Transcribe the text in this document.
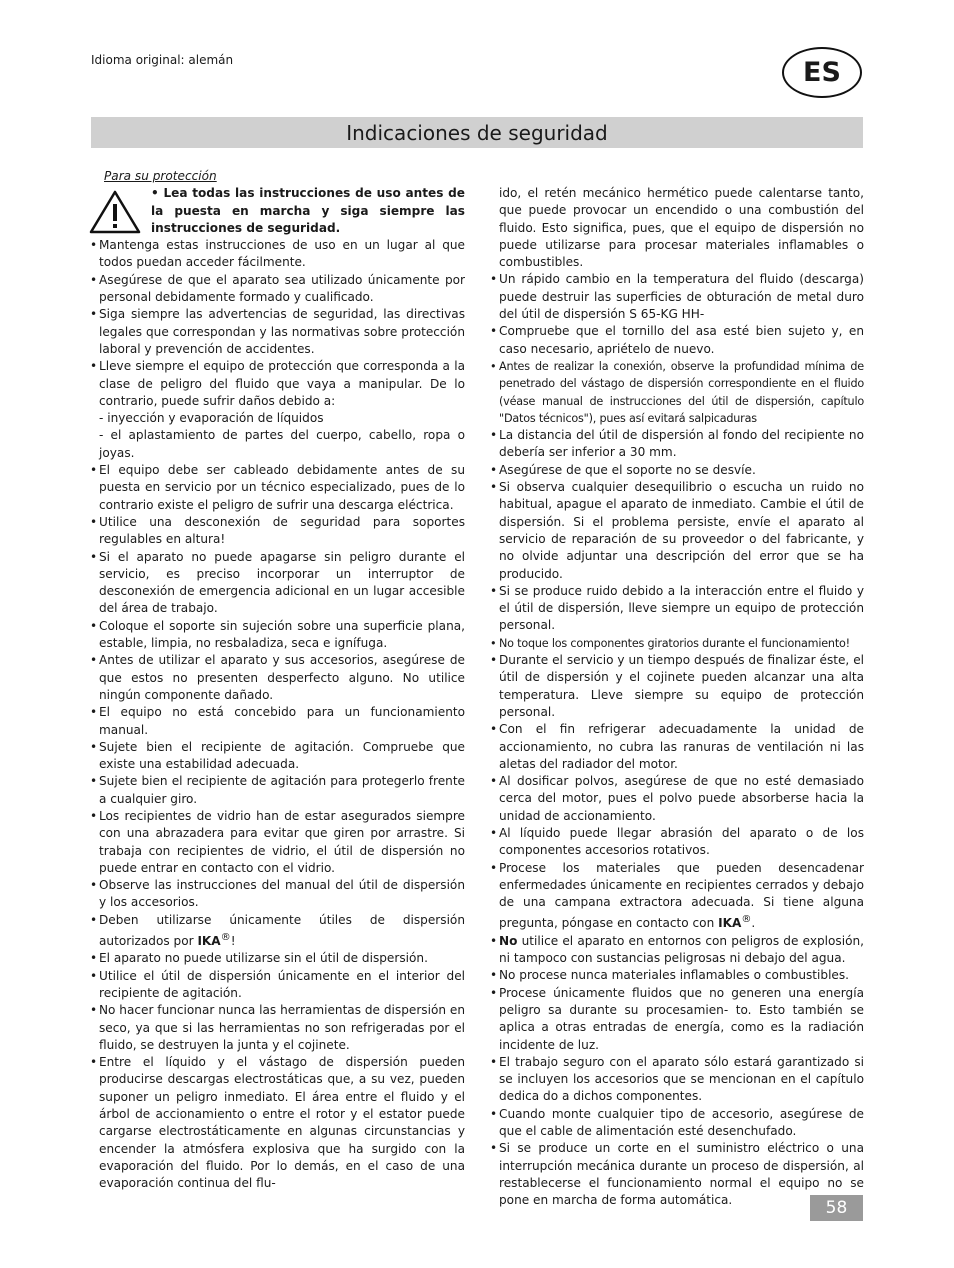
Idioma original: alemán	ES
Indicaciones de seguridad
Para su protección
• Lea todas las instrucciones de uso antes de la puesta en marcha y siga siempre las instrucciones de seguridad.
• Mantenga estas instrucciones de uso en un lugar al que todos puedan acceder fácilmente.
• Asegúrese de que el aparato sea utilizado únicamente por personal debidamente formado y cualificado.
• Siga siempre las advertencias de seguridad, las directivas legales que correspondan y las normativas sobre protección laboral y prevención de accidentes.
• Lleve siempre el equipo de protección que corresponda a la clase de peligro del fluido que vaya a manipular. De lo contrario, puede sufrir daños debido a:
- inyección y evaporación de líquidos
- el aplastamiento de partes del cuerpo, cabello, ropa o joyas.
• El equipo debe ser cableado debidamente antes de su puesta en servicio por un técnico especializado, pues de lo contrario existe el peligro de sufrir una descarga eléctrica.
• Utilice una desconexión de seguridad para soportes regulables en altura!
• Si el aparato no puede apagarse sin peligro durante el servicio, es preciso incorporar un interruptor de desconexión de emergencia adicional en un lugar accesible del área de trabajo.
• Coloque el soporte sin sujeción sobre una superficie plana, estable, limpia, no resbaladiza, seca e ignífuga.
• Antes de utilizar el aparato y sus accesorios, asegúrese de que estos no presenten desperfecto alguno. No utilice ningún componente dañado.
• El equipo no está concebido para un funcionamiento manual.
• Sujete bien el recipiente de agitación. Compruebe que existe una estabilidad adecuada.
• Sujete bien el recipiente de agitación para protegerlo frente a cualquier giro.
• Los recipientes de vidrio han de estar asegurados siempre con una abrazadera para evitar que giren por arrastre. Si trabaja con recipientes de vidrio, el útil de dispersión no puede entrar en contacto con el vidrio.
• Observe las instrucciones del manual del útil de dispersión y los accesorios.
• Deben utilizarse únicamente útiles de dispersión autorizados por IKA®!
• El aparato no puede utilizarse sin el útil de dispersión.
• Utilice el útil de dispersión únicamente en el interior del recipiente de agitación.
• No hacer funcionar nunca las herramientas de dispersión en seco, ya que si las herramientas no son refrigeradas por el fluido, se destruyen la junta y el cojinete.
• Entre el líquido y el vástago de dispersión pueden producirse descargas electrostáticas que, a su vez, pueden suponer un peligro inmediato. El área entre el fluido y el árbol de accionamiento o entre el rotor y el estator puede cargarse electrostáticamente en algunas circunstancias y encender la atmósfera explosiva que ha surgido con la evaporación del fluido. Por lo demás, en el caso de una evaporación continua del flu-
ido, el retén mecánico hermético puede calentarse tanto, que puede provocar un encendido o una combustión del fluido. Esto significa, pues, que el equipo de dispersión no puede utilizarse para procesar materiales inflamables o combustibles.
• Un rápido cambio en la temperatura del fluido (descarga) puede destruir las superficies de obturación de metal duro del útil de dispersión S 65-KG HH-
• Compruebe que el tornillo del asa esté bien sujeto y, en caso necesario, apriételo de nuevo.
• Antes de realizar la conexión, observe la profundidad mínima de penetrado del vástago de dispersión correspondiente en el fluido (véase manual de instrucciones del útil de dispersión, capítulo "Datos técnicos"), pues así evitará salpicaduras
• La distancia del útil de dispersión al fondo del recipiente no debería ser inferior a 30 mm.
• Asegúrese de que el soporte no se desvíe.
• Si observa cualquier desequilibrio o escucha un ruido no habitual, apague el aparato de inmediato. Cambie el útil de dispersión. Si el problema persiste, envíe el aparato al servicio de reparación de su proveedor o del fabricante, y no olvide adjuntar una descripción del error que se ha producido.
• Si se produce ruido debido a la interacción entre el fluido y el útil de dispersión, lleve siempre un equipo de protección personal.
• No toque los componentes giratorios durante el funcionamiento!
• Durante el servicio y un tiempo después de finalizar éste, el útil de dispersión y el cojinete pueden alcanzar una alta temperatura. Lleve siempre su equipo de protección personal.
• Con el fin refrigerar adecuadamente la unidad de accionamiento, no cubra las ranuras de ventilación ni las aletas del radiador del motor.
• Al dosificar polvos, asegúrese de que no esté demasiado cerca del motor, pues el polvo puede absorberse hacia la unidad de accionamiento.
• Al líquido puede llegar abrasión del aparato o de los componentes accesorios rotativos.
• Procese los materiales que pueden desencadenar enfermedades únicamente en recipientes cerrados y debajo de una campana extractora adecuada. Si tiene alguna pregunta, póngase en contacto con IKA®.
• No utilice el aparato en entornos con peligros de explosión, ni tampoco con sustancias peligrosas ni debajo del agua.
• No procese nunca materiales inflamables o combustibles.
• Procese únicamente fluidos que no generen una energía peligro sa durante su procesamien- to. Esto también se aplica a otras entradas de energía, como es la radiación incidente de luz.
• El trabajo seguro con el aparato sólo estará garantizado si se incluyen los accesorios que se mencionan en el capítulo dedica do a dichos componentes.
• Cuando monte cualquier tipo de accesorio, asegúrese de que el cable de alimentación esté desenchufado.
• Si se produce un corte en el suministro eléctrico o una interrupción mecánica durante un proceso de dispersión, al restablecerse el funcionamiento normal el equipo no se pone en marcha de forma automática.	58
